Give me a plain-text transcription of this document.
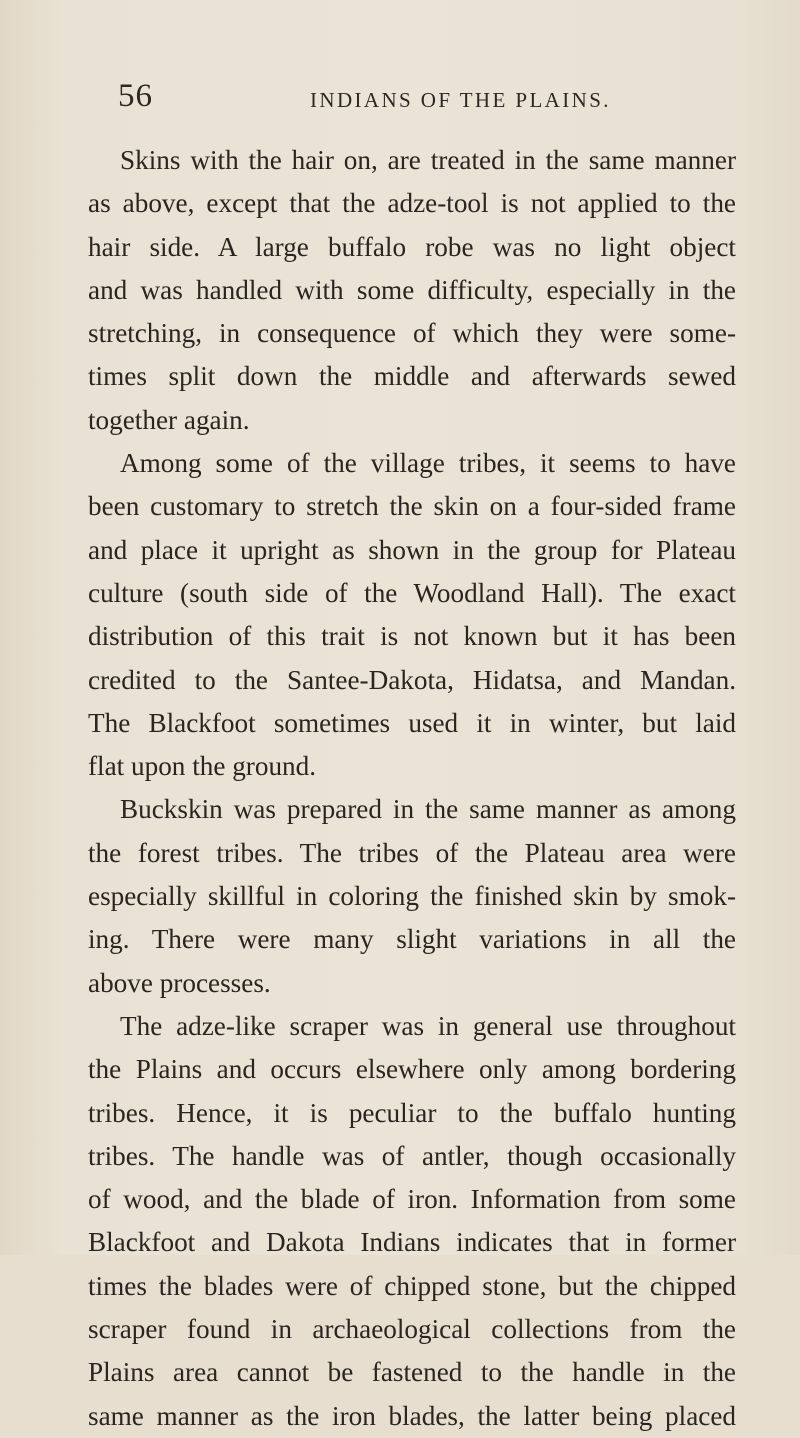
56	INDIANS OF THE PLAINS.
Skins with the hair on, are treated in the same manner
as above, except that the adze-tool is not applied to the
hair side. A large buffalo robe was no light object
and was handled with some difficulty, especially in the
stretching, in consequence of which they were some-
times split down the middle and afterwards sewed
together again.
Among some of the village tribes, it seems to have
been customary to stretch the skin on a four-sided frame
and place it upright as shown in the group for Plateau
culture (south side of the Woodland Hall). The exact
distribution of this trait is not known but it has been
credited to the Santee-Dakota, Hidatsa, and Mandan.
The Blackfoot sometimes used it in winter, but laid
flat upon the ground.
Buckskin was prepared in the same manner as among
the forest tribes. The tribes of the Plateau area were
especially skillful in coloring the finished skin by smok-
ing. There were many slight variations in all the
above processes.
The adze-like scraper was in general use throughout
the Plains and occurs elsewhere only among bordering
tribes. Hence, it is peculiar to the buffalo hunting
tribes. The handle was of antler, though occasionally
of wood, and the blade of iron. Information from some
Blackfoot and Dakota Indians indicates that in former
times the blades were of chipped stone, but the chipped
scraper found in archaeological collections from the
Plains area cannot be fastened to the handle in the
same manner as the iron blades, the latter being placed
